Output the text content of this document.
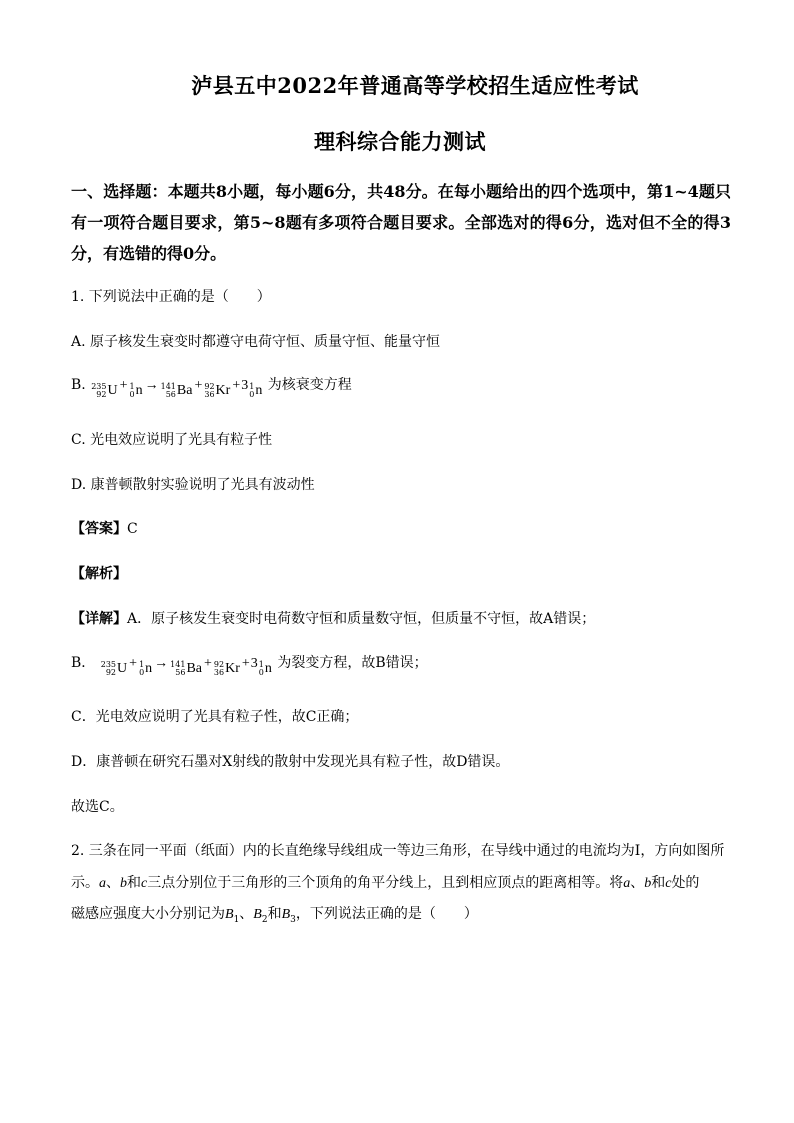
泸县五中2022年普通高等学校招生适应性考试
理科综合能力测试
一、选择题：本题共8小题，每小题6分，共48分。在每小题给出的四个选项中，第1~4题只有一项符合题目要求，第5~8题有多项符合题目要求。全部选对的得6分，选对但不全的得3分，有选错的得0分。
1. 下列说法中正确的是（　　）
A. 原子核发生衰变时都遵守电荷守恒、质量守恒、能量守恒
B. 235
92 U + 1
0 n → 141
56 Ba + 92
36 Kr +3 1
0 n 为核衰变方程
C. 光电效应说明了光具有粒子性
D. 康普顿散射实验说明了光具有波动性
【答案】C
【解析】
【详解】A．原子核发生衰变时电荷数守恒和质量数守恒，但质量不守恒，故A错误；
B． 235
92 U + 1
0 n → 141
56 Ba + 92
36 Kr +3 1
0 n 为裂变方程，故B错误；
C．光电效应说明了光具有粒子性，故C正确；
D．康普顿在研究石墨对X射线的散射中发现光具有粒子性，故D错误。
故选C。
2. 三条在同一平面（纸面）内的长直绝缘导线组成一等边三角形，在导线中通过的电流均为I，方向如图所
示。a、b和c三点分别位于三角形的三个顶角的角平分线上，且到相应顶点的距离相等。将a、b和c处的
磁感应强度大小分别记为$B_1$、$B_2$和$B_3$，下列说法正确的是（　　）
